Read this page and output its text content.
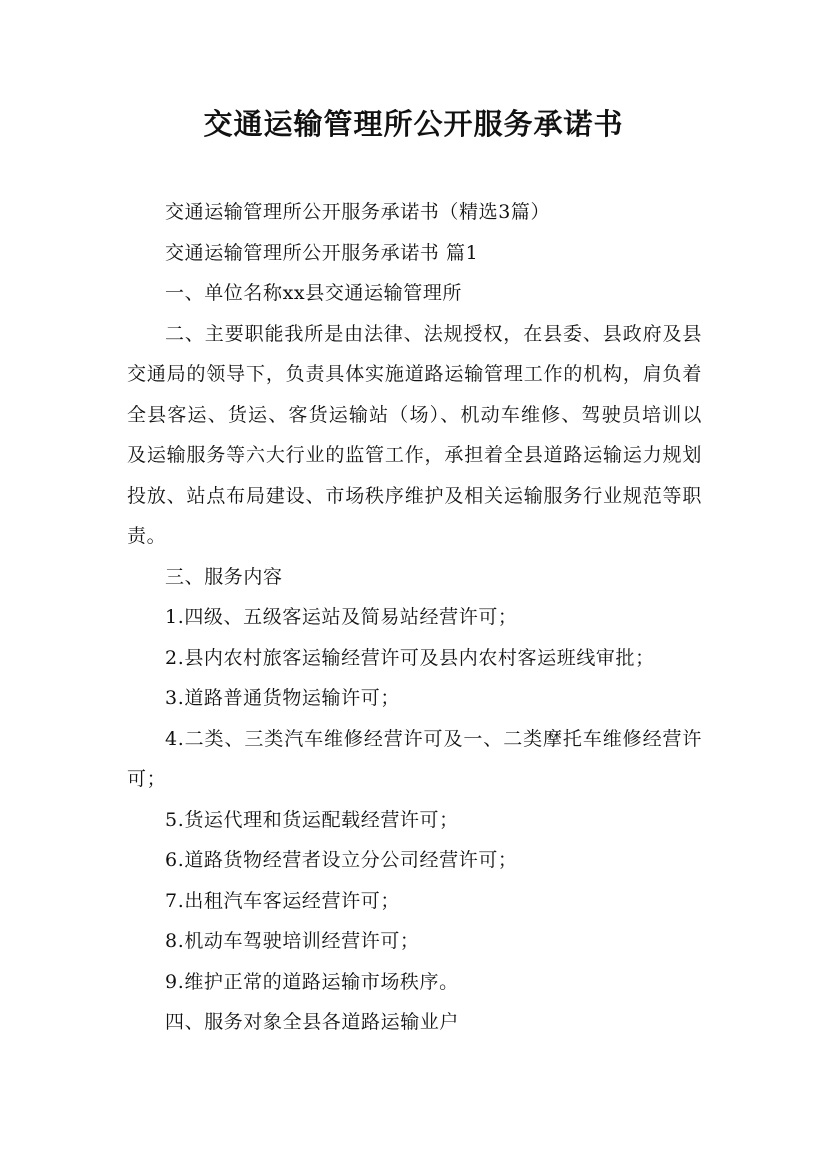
交通运输管理所公开服务承诺书

交通运输管理所公开服务承诺书（精选3篇）

交通运输管理所公开服务承诺书 篇1

一、单位名称xx县交通运输管理所

二、主要职能我所是由法律、法规授权，在县委、县政府及县交通局的领导下，负责具体实施道路运输管理工作的机构，肩负着全县客运、货运、客货运输站（场）、机动车维修、驾驶员培训以及运输服务等六大行业的监管工作，承担着全县道路运输运力规划投放、站点布局建设、市场秩序维护及相关运输服务行业规范等职责。

三、服务内容

1.四级、五级客运站及简易站经营许可；

2.县内农村旅客运输经营许可及县内农村客运班线审批；

3.道路普通货物运输许可；

4.二类、三类汽车维修经营许可及一、二类摩托车维修经营许可；

5.货运代理和货运配载经营许可；

6.道路货物经营者设立分公司经营许可；

7.出租汽车客运经营许可；

8.机动车驾驶培训经营许可；

9.维护正常的道路运输市场秩序。

四、服务对象全县各道路运输业户
